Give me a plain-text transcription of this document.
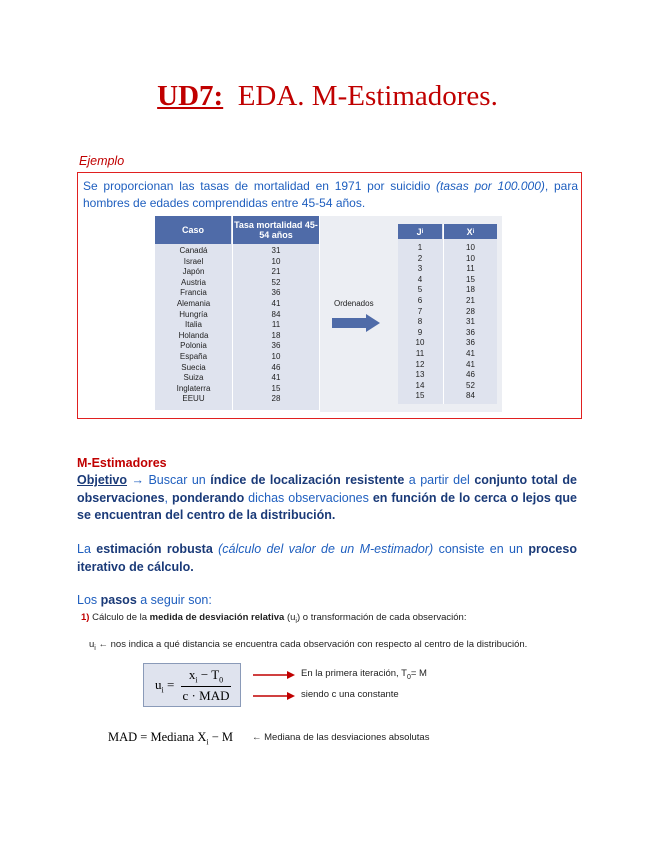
UD7: EDA. M-Estimadores.
Ejemplo
Se proporcionan las tasas de mortalidad en 1971 por suicidio (tasas por 100.000), para hombres de edades comprendidas entre 45-54 años.
Caso	Tasa mortalidad 45-54 años
Canadá
Israel
Japón
Austria
Francia
Alemania
Hungría
Italia
Holanda
Polonia
España
Suecia
Suiza
Inglaterra
EEUU
31
10
21
52
36
41
84
11
18
36
10
46
41
15
28
Ordenados
J i	X i
1
2
3
4
5
6
7
8
9
10
11
12
13
14
15
10
10
11
15
18
21
28
31
36
36
41
41
46
52
84
M-Estimadores
Objetivo → Buscar un índice de localización resistente a partir del conjunto total de observaciones, ponderando dichas observaciones en función de lo cerca o lejos que se encuentran del centro de la distribución.
La estimación robusta (cálculo del valor de un M-estimador) consiste en un proceso iterativo de cálculo.
Los pasos a seguir son:
1) Cálculo de la medida de desviación relativa $(u_i)$ o transformación de cada observación:
$u_i$ ← nos indica a qué distancia se encuentra cada observación con respecto al centro de la distribución.
$u_i$ =
$x_i - T_0$
c · MAD
En la primera iteración, $T_0= M$
siendo c una constante
MAD = Mediana $X_i - M$ ← Mediana de las desviaciones absolutas
